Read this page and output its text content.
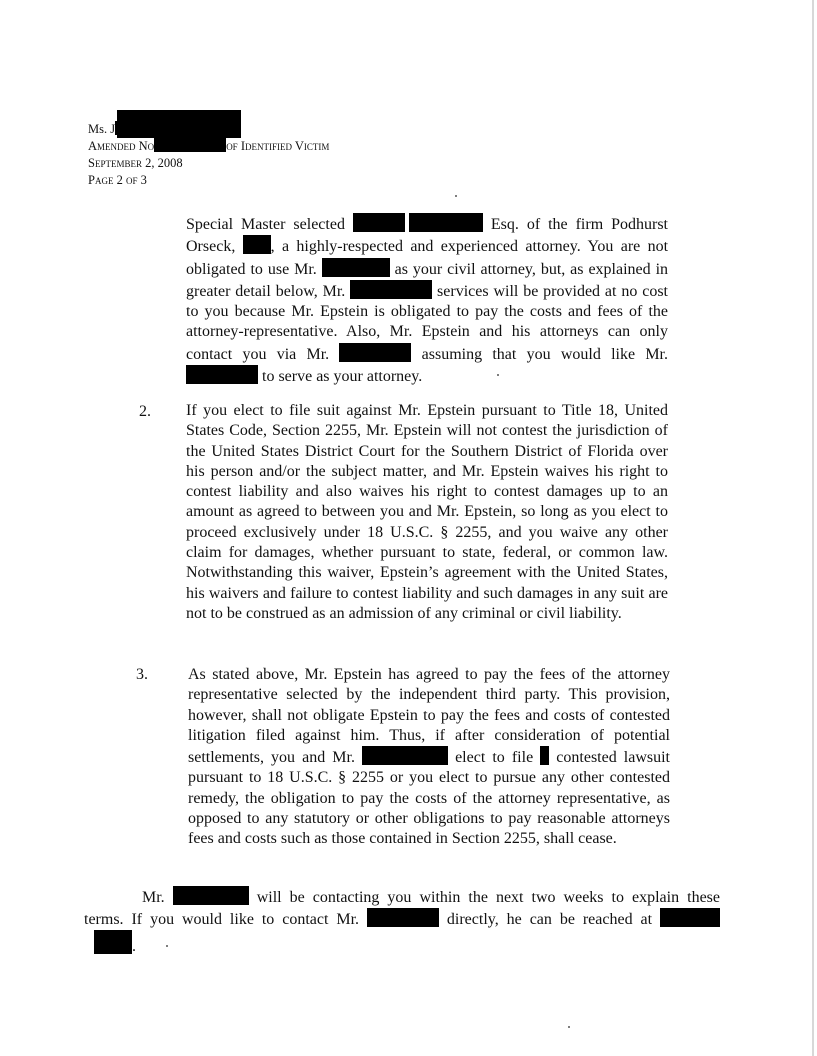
Ms. J
Amended No	of Identified Victim
September 2, 2008
Page 2 of 3
Special Master selected	Esq. of the firm Podhurst Orseck, , a highly-respected and experienced attorney. You are not obligated to use Mr.	as your civil attorney, but, as explained in greater detail below, Mr.	services will be provided at no cost to you because Mr. Epstein is obligated to pay the costs and fees of the attorney-representative. Also, Mr. Epstein and his attorneys can only contact you via Mr.	assuming that you would like Mr.  to serve as your attorney.
2. If you elect to file suit against Mr. Epstein pursuant to Title 18, United States Code, Section 2255, Mr. Epstein will not contest the jurisdiction of the United States District Court for the Southern District of Florida over his person and/or the subject matter, and Mr. Epstein waives his right to contest liability and also waives his right to contest damages up to an amount as agreed to between you and Mr. Epstein, so long as you elect to proceed exclusively under 18 U.S.C. § 2255, and you waive any other claim for damages, whether pursuant to state, federal, or common law. Notwithstanding this waiver, Epstein’s agreement with the United States, his waivers and failure to contest liability and such damages in any suit are not to be construed as an admission of any criminal or civil liability.
3.	As stated above, Mr. Epstein has agreed to pay the fees of the attorney representative selected by the independent third party. This provision, however, shall not obligate Epstein to pay the fees and costs of contested litigation filed against him. Thus, if after consideration of potential settlements, you and Mr.	elect to file  contested lawsuit pursuant to 18 U.S.C. § 2255 or you elect to pursue any other contested remedy, the obligation to pay the costs of the attorney representative, as opposed to any statutory or other obligations to pay reasonable attorneys fees and costs such as those contained in Section 2255, shall cease.
Mr.	will be contacting you within the next two weeks to explain these
terms. If you would like to contact Mr.	directly, he can be reached at
.
